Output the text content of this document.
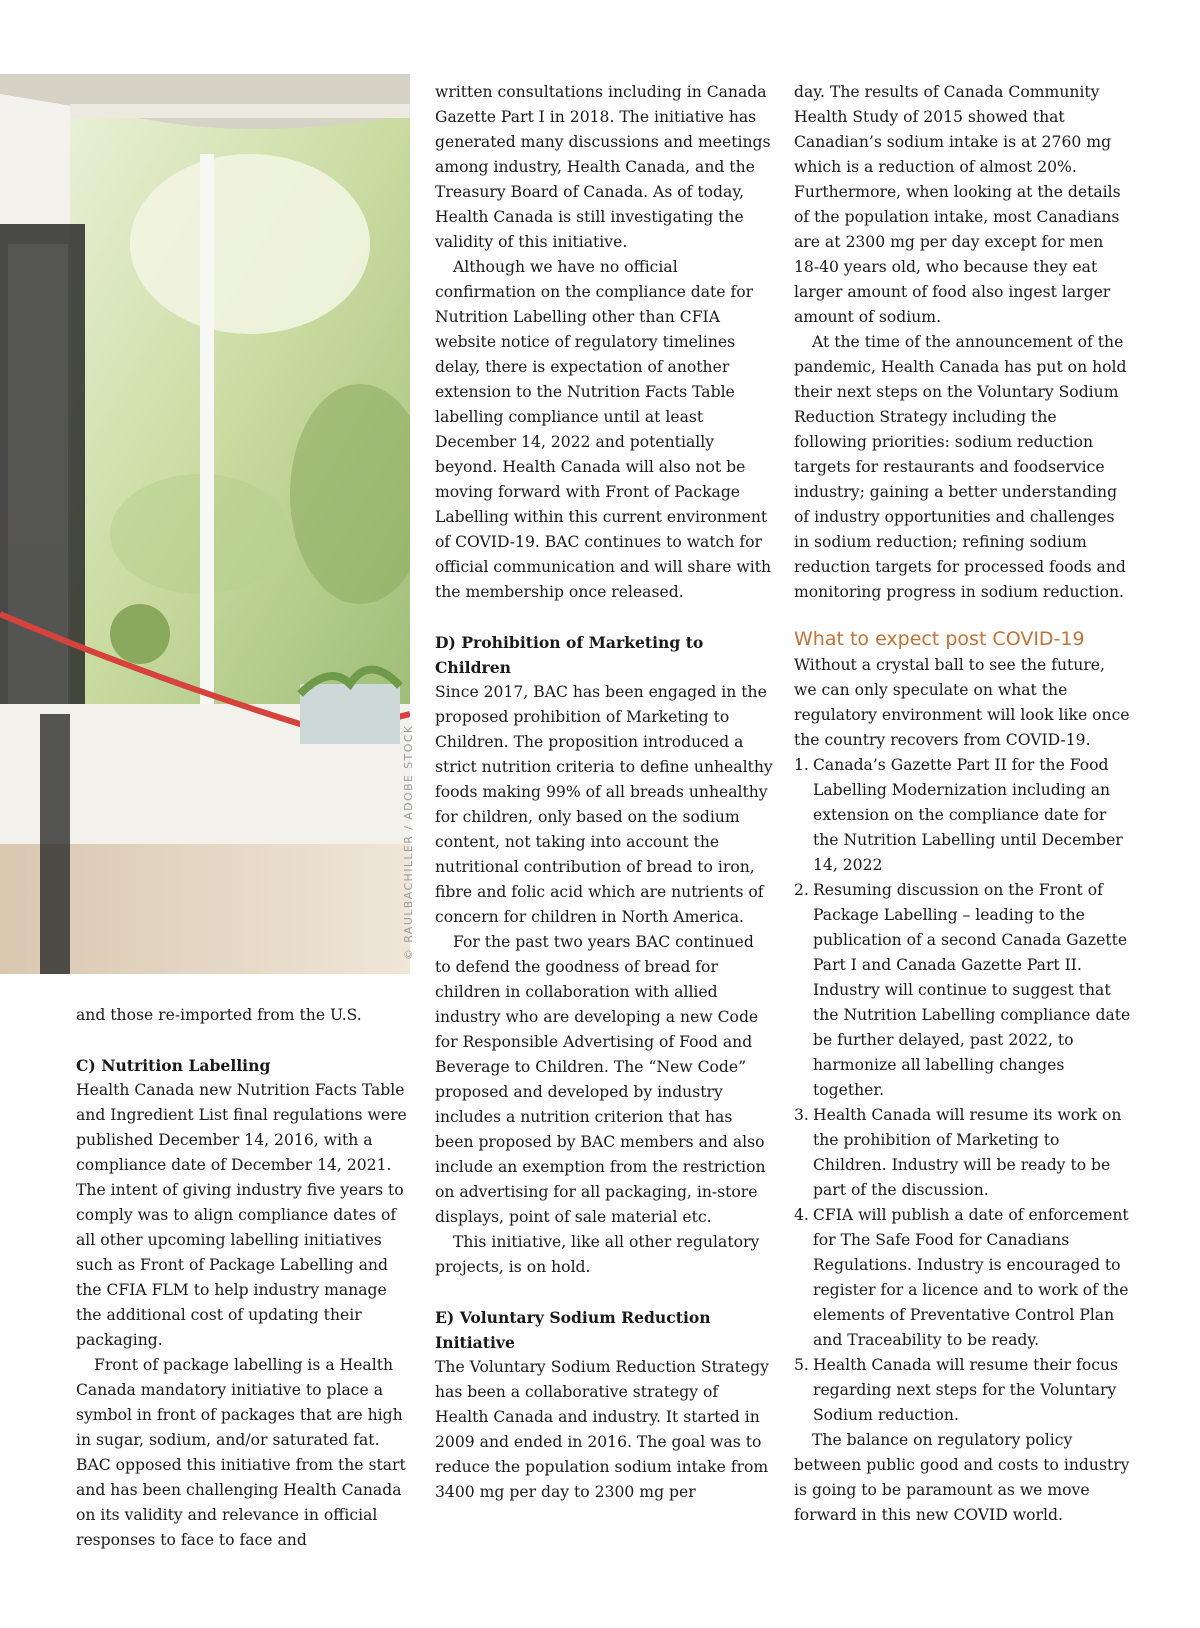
© RAULBACHILLER / ADOBE STOCK

and those re-imported from the U.S.

C) Nutrition Labelling

Health Canada new Nutrition Facts Table and Ingredient List final regulations were published December 14, 2016, with a compliance date of December 14, 2021. The intent of giving industry five years to comply was to align compliance dates of all other upcoming labelling initiatives such as Front of Package Labelling and the CFIA FLM to help industry manage the additional cost of updating their packaging.

Front of package labelling is a Health Canada mandatory initiative to place a symbol in front of packages that are high in sugar, sodium, and/or saturated fat. BAC opposed this initiative from the start and has been challenging Health Canada on its validity and relevance in official responses to face to face and

written consultations including in Canada Gazette Part I in 2018. The initiative has generated many discussions and meetings among industry, Health Canada, and the Treasury Board of Canada. As of today, Health Canada is still investigating the validity of this initiative.

Although we have no official confirmation on the compliance date for Nutrition Labelling other than CFIA website notice of regulatory timelines delay, there is expectation of another extension to the Nutrition Facts Table labelling compliance until at least December 14, 2022 and potentially beyond. Health Canada will also not be moving forward with Front of Package Labelling within this current environment of COVID-19. BAC continues to watch for official communication and will share with the membership once released.

D) Prohibition of Marketing to Children

Since 2017, BAC has been engaged in the proposed prohibition of Marketing to Children. The proposition introduced a strict nutrition criteria to define unhealthy foods making 99% of all breads unhealthy for children, only based on the sodium content, not taking into account the nutritional contribution of bread to iron, fibre and folic acid which are nutrients of concern for children in North America.

For the past two years BAC continued to defend the goodness of bread for children in collaboration with allied industry who are developing a new Code for Responsible Advertising of Food and Beverage to Children. The “New Code” proposed and developed by industry includes a nutrition criterion that has been proposed by BAC members and also include an exemption from the restriction on advertising for all packaging, in-store displays, point of sale material etc.

This initiative, like all other regulatory projects, is on hold.

E) Voluntary Sodium Reduction Initiative

The Voluntary Sodium Reduction Strategy has been a collaborative strategy of Health Canada and industry. It started in 2009 and ended in 2016. The goal was to reduce the population sodium intake from 3400 mg per day to 2300 mg per

day. The results of Canada Community Health Study of 2015 showed that Canadian’s sodium intake is at 2760 mg which is a reduction of almost 20%. Furthermore, when looking at the details of the population intake, most Canadians are at 2300 mg per day except for men 18-40 years old, who because they eat larger amount of food also ingest larger amount of sodium.

At the time of the announcement of the pandemic, Health Canada has put on hold their next steps on the Voluntary Sodium Reduction Strategy including the following priorities: sodium reduction targets for restaurants and foodservice industry; gaining a better understanding of industry opportunities and challenges in sodium reduction; refining sodium reduction targets for processed foods and monitoring progress in sodium reduction.

What to expect post COVID-19

Without a crystal ball to see the future, we can only speculate on what the regulatory environment will look like once the country recovers from COVID-19.

1. Canada’s Gazette Part II for the Food Labelling Modernization including an extension on the compliance date for the Nutrition Labelling until December 14, 2022
2. Resuming discussion on the Front of Package Labelling – leading to the publication of a second Canada Gazette Part I and Canada Gazette Part II. Industry will continue to suggest that the Nutrition Labelling compliance date be further delayed, past 2022, to harmonize all labelling changes together.
3. Health Canada will resume its work on the prohibition of Marketing to Children. Industry will be ready to be part of the discussion.
4. CFIA will publish a date of enforcement for The Safe Food for Canadians Regulations. Industry is encouraged to register for a licence and to work of the elements of Preventative Control Plan and Traceability to be ready.
5. Health Canada will resume their focus regarding next steps for the Voluntary Sodium reduction.

The balance on regulatory policy between public good and costs to industry is going to be paramount as we move forward in this new COVID world.
